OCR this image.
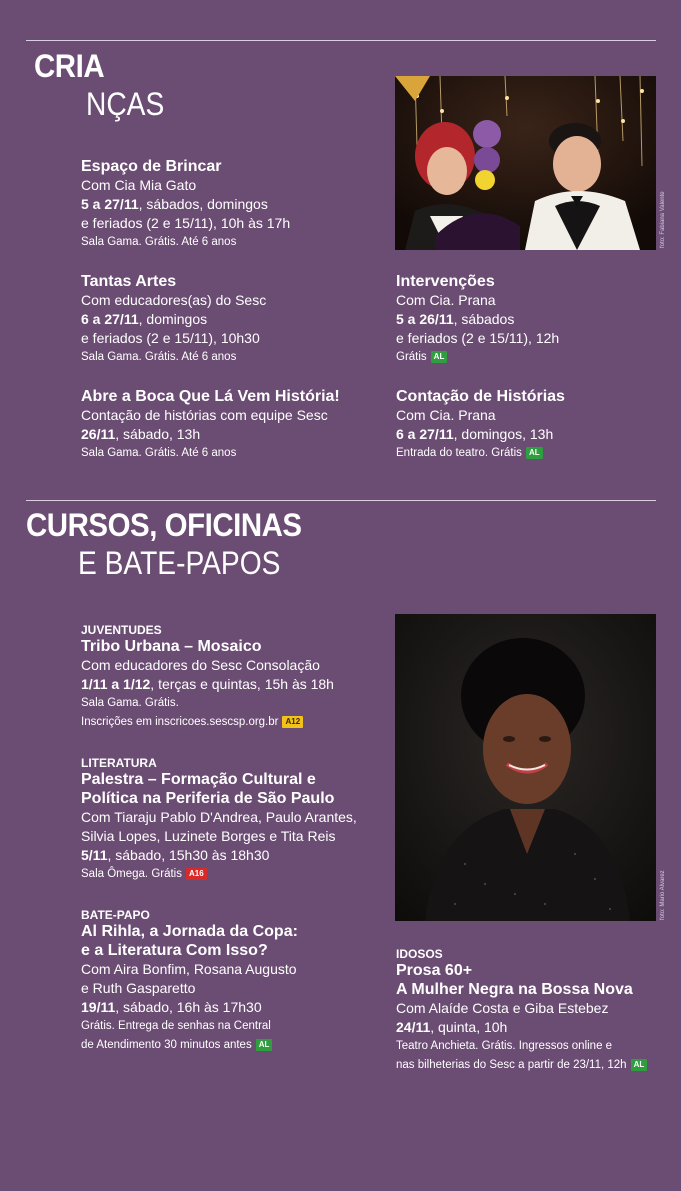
CRIA
NÇAS
Espaço de Brincar
Com Cia Mia Gato
5 a 27/11, sábados, domingos
e feriados (2 e 15/11), 10h às 17h
Sala Gama. Grátis. Até 6 anos
Tantas Artes
Com educadores(as) do Sesc
6 a 27/11, domingos
e feriados (2 e 15/11), 10h30
Sala Gama. Grátis. Até 6 anos
Abre a Boca Que Lá Vem História!
Contação de histórias com equipe Sesc
26/11, sábado, 13h
Sala Gama. Grátis. Até 6 anos
foto: Fabiana Valente
Intervenções
Com Cia. Prana
5 a 26/11, sábados
e feriados (2 e 15/11), 12h
Grátis AL
Contação de Histórias
Com Cia. Prana
6 a 27/11, domingos, 13h
Entrada do teatro. Grátis AL
CURSOS, OFICINAS
E BATE-PAPOS
JUVENTUDES
Tribo Urbana – Mosaico
Com educadores do Sesc Consolação
1/11 a 1/12, terças e quintas, 15h às 18h
Sala Gama. Grátis.
Inscrições em inscricoes.sescsp.org.br A12
LITERATURA
Palestra – Formação Cultural e
Política na Periferia de São Paulo
Com Tiaraju Pablo D'Andrea, Paulo Arantes,
Silvia Lopes, Luzinete Borges e Tita Reis
5/11, sábado, 15h30 às 18h30
Sala Ômega. Grátis A16
BATE-PAPO
Al Rihla, a Jornada da Copa:
e a Literatura Com Isso?
Com Aira Bonfim, Rosana Augusto
e Ruth Gasparetto
19/11, sábado, 16h às 17h30
Grátis. Entrega de senhas na Central
de Atendimento 30 minutos antes AL
foto: Mario Alvarez
IDOSOS
Prosa 60+
A Mulher Negra na Bossa Nova
Com Alaíde Costa e Giba Estebez
24/11, quinta, 10h
Teatro Anchieta. Grátis. Ingressos online e
nas bilheterias do Sesc a partir de 23/11, 12h AL
